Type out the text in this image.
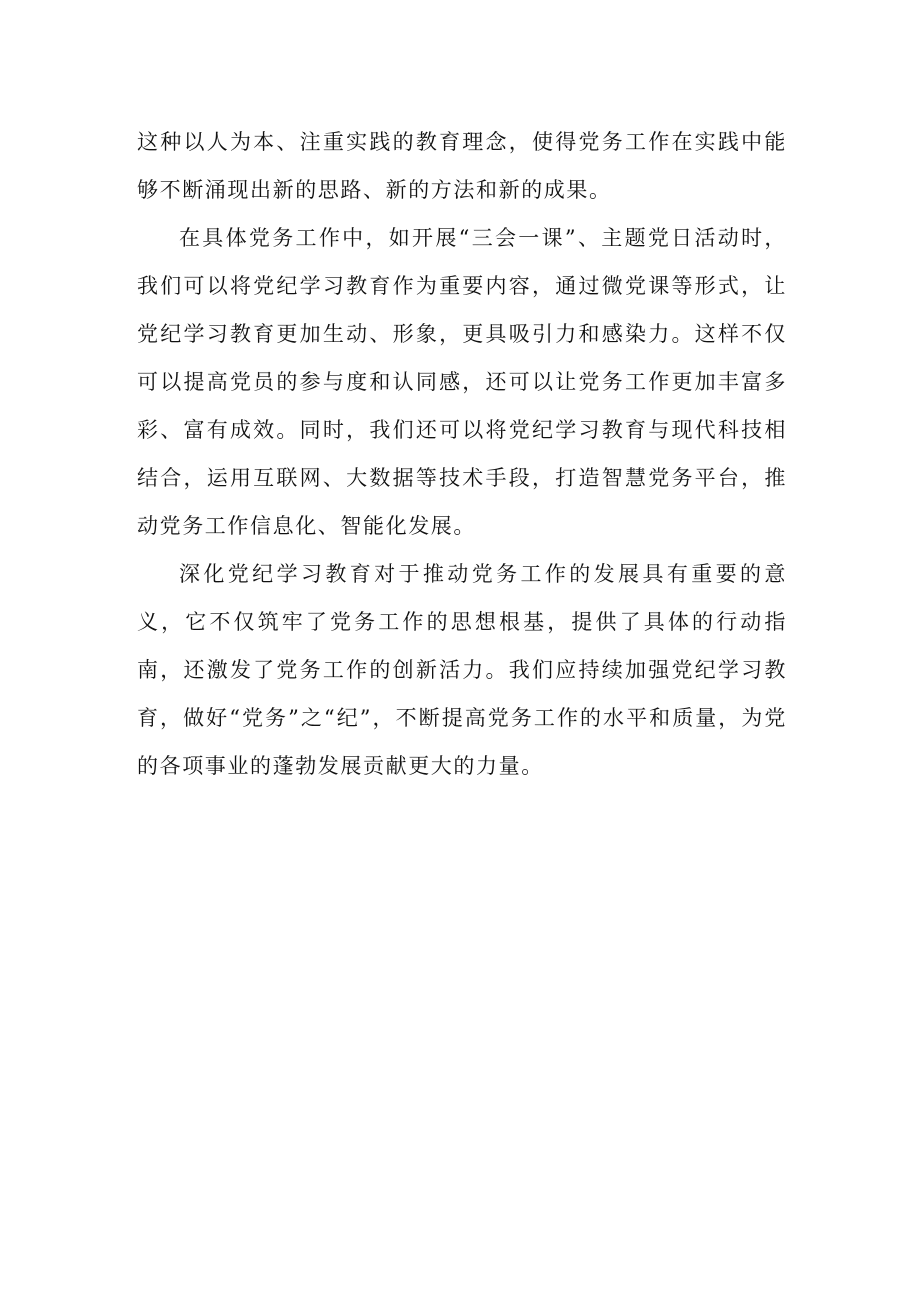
这种以人为本、注重实践的教育理念，使得党务工作在实践中能够不断涌现出新的思路、新的方法和新的成果。

在具体党务工作中，如开展“三会一课”、主题党日活动时，我们可以将党纪学习教育作为重要内容，通过微党课等形式，让党纪学习教育更加生动、形象，更具吸引力和感染力。这样不仅可以提高党员的参与度和认同感，还可以让党务工作更加丰富多彩、富有成效。同时，我们还可以将党纪学习教育与现代科技相结合，运用互联网、大数据等技术手段，打造智慧党务平台，推动党务工作信息化、智能化发展。

深化党纪学习教育对于推动党务工作的发展具有重要的意义，它不仅筑牢了党务工作的思想根基，提供了具体的行动指南，还激发了党务工作的创新活力。我们应持续加强党纪学习教育，做好“党务”之“纪”，不断提高党务工作的水平和质量，为党的各项事业的蓬勃发展贡献更大的力量。
